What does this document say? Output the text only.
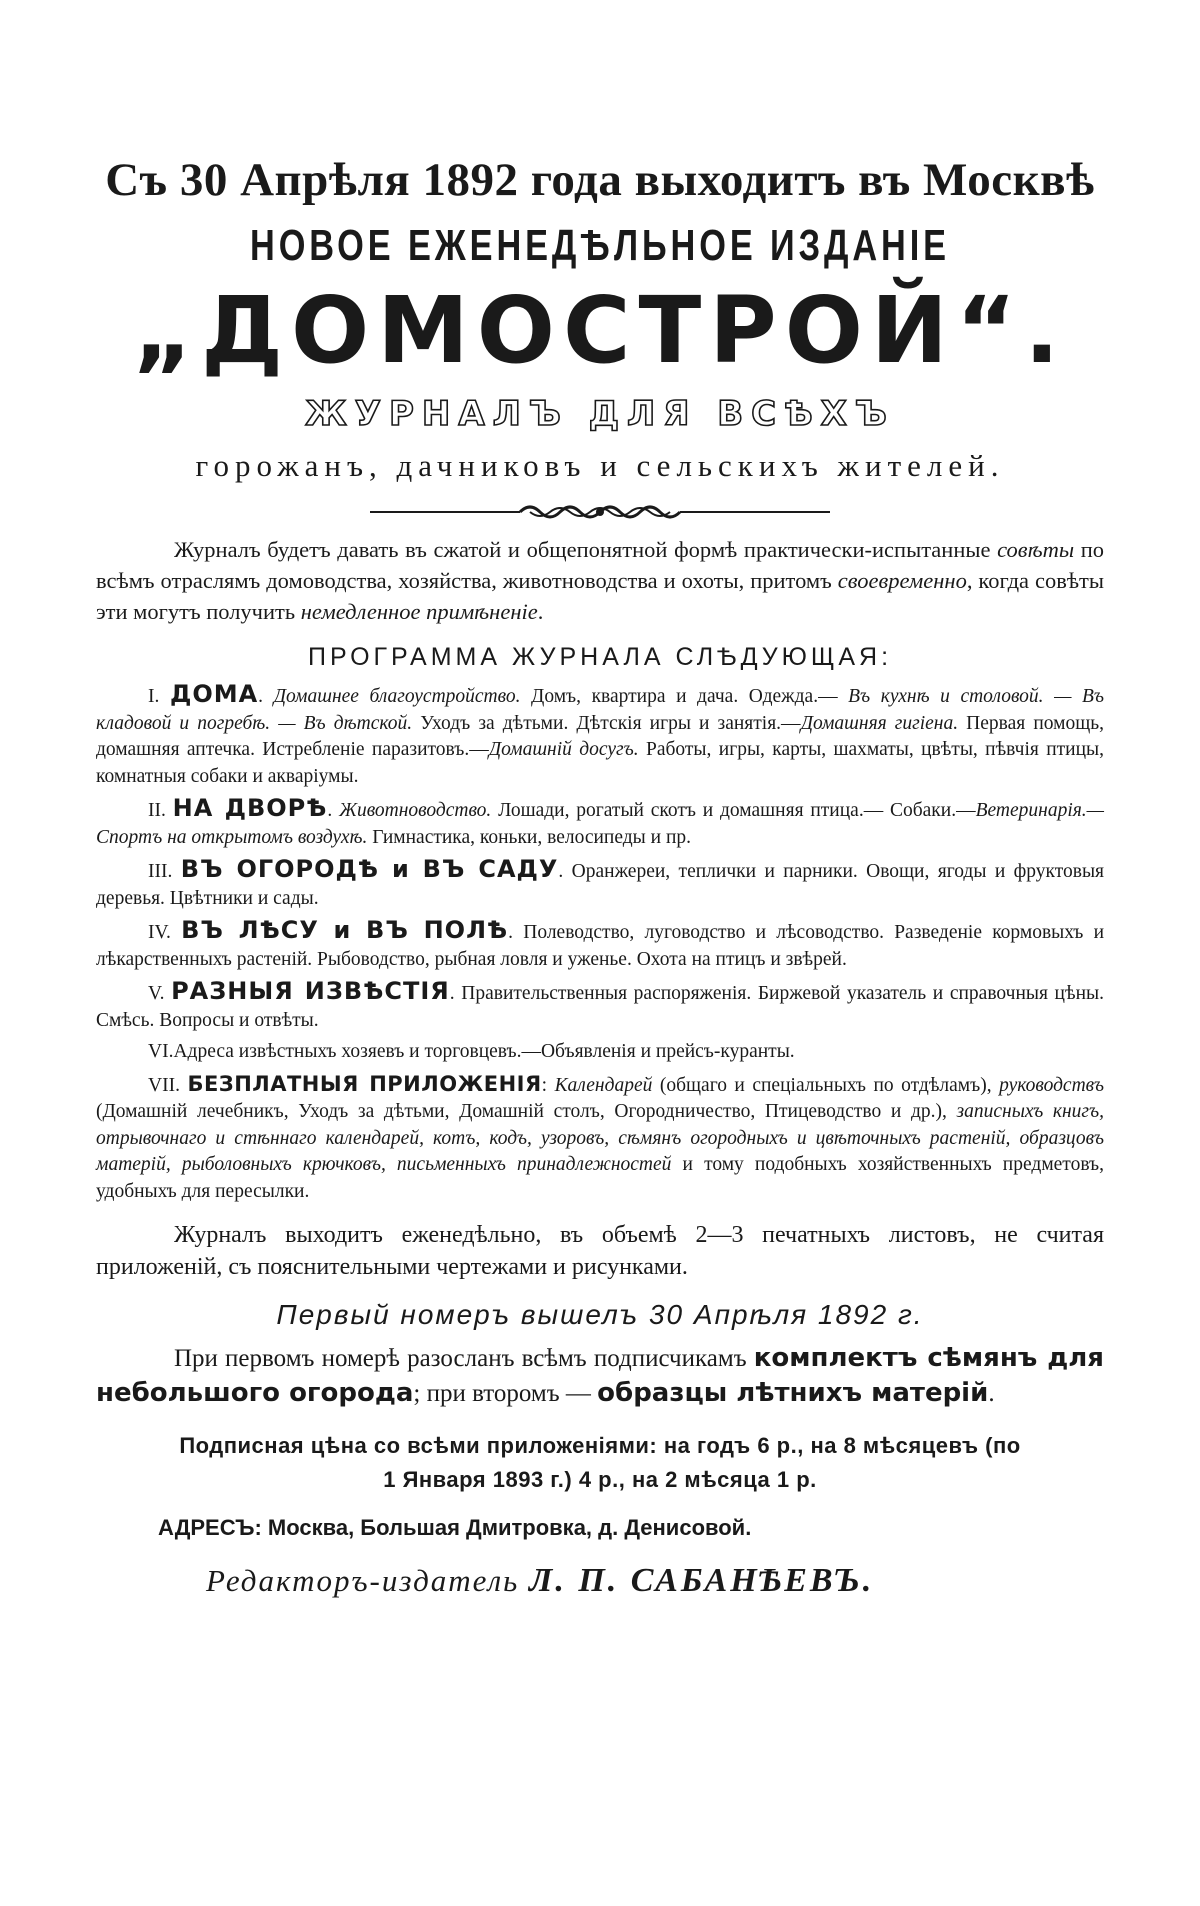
Съ 30 Апрѣля 1892 года выходитъ въ Москвѣ

НОВОЕ ЕЖЕНЕДѢЛЬНОЕ ИЗДАНІЕ

„ДОМОСТРОЙ“.

ЖУРНАЛЪ ДЛЯ ВСѢХЪ

горожанъ, дачниковъ и сельскихъ жителей.

Журналъ будетъ давать въ сжатой и общепонятной формѣ практически-испытанные совѣты по всѣмъ отраслямъ домоводства, хозяйства, животноводства и охоты, притомъ своевременно, когда совѣты эти могутъ получить немедленное примѣненіе.

ПРОГРАММА ЖУРНАЛА СЛѢДУЮЩАЯ:

I. ДОМА. Домашнее благоустройство. Домъ, квартира и дача. Одежда.— Въ кухнѣ и столовой. — Въ кладовой и погребѣ. — Въ дѣтской. Уходъ за дѣтьми. Дѣтскія игры и занятія.—Домашняя гигіена. Первая помощь, домашняя аптечка. Истребленіе паразитовъ.—Домашній досугъ. Работы, игры, карты, шахматы, цвѣты, пѣвчія птицы, комнатныя собаки и акваріумы.

II. НА ДВОРѢ. Животноводство. Лошади, рогатый скотъ и домашняя птица.— Собаки.—Ветеринарія.— Спортъ на открытомъ воздухѣ. Гимнастика, коньки, велосипеды и пр.

III. ВЪ ОГОРОДѢ и ВЪ САДУ. Оранжереи, теплички и парники. Овощи, ягоды и фруктовыя деревья. Цвѣтники и сады.

IV. ВЪ ЛѢСУ и ВЪ ПОЛѢ. Полеводство, луговодство и лѣсоводство. Разведеніе кормовыхъ и лѣкарственныхъ растеній. Рыбоводство, рыбная ловля и уженье. Охота на птицъ и звѣрей.

V. РАЗНЫЯ ИЗВѢСТІЯ. Правительственныя распоряженія. Биржевой указатель и справочныя цѣны. Смѣсь. Вопросы и отвѣты.

VI.Адреса извѣстныхъ хозяевъ и торговцевъ.—Объявленія и прейсъ-куранты.

VII. БЕЗПЛАТНЫЯ ПРИЛОЖЕНІЯ: Календарей (общаго и спеціальныхъ по отдѣламъ), руководствъ (Домашній лечебникъ, Уходъ за дѣтьми, Домашній столъ, Огородничество, Птицеводство и др.), записныхъ книгъ, отрывочнаго и стѣннаго календарей, котъ, кодъ, узоровъ, сѣмянъ огородныхъ и цвѣточныхъ растеній, образцовъ матерій, рыболовныхъ крючковъ, письменныхъ принадлежностей и тому подобныхъ хозяйственныхъ предметовъ, удобныхъ для пересылки.

Журналъ выходитъ еженедѣльно, въ объемѣ 2—3 печатныхъ листовъ, не считая приложеній, съ пояснительными чертежами и рисунками.

Первый номеръ вышелъ 30 Апрѣля 1892 г.

При первомъ номерѣ разосланъ всѣмъ подписчикамъ комплектъ сѣмянъ для небольшого огорода; при второмъ — образцы лѣтнихъ матерій.

Подписная цѣна со всѣми приложеніями: на годъ 6 р., на 8 мѣсяцевъ (по
1 Января 1893 г.) 4 р., на 2 мѣсяца 1 р.

АДРЕСЪ: Москва, Большая Дмитровка, д. Денисовой.

Редакторъ-издатель Л. П. САБАНѢЕВЪ.
